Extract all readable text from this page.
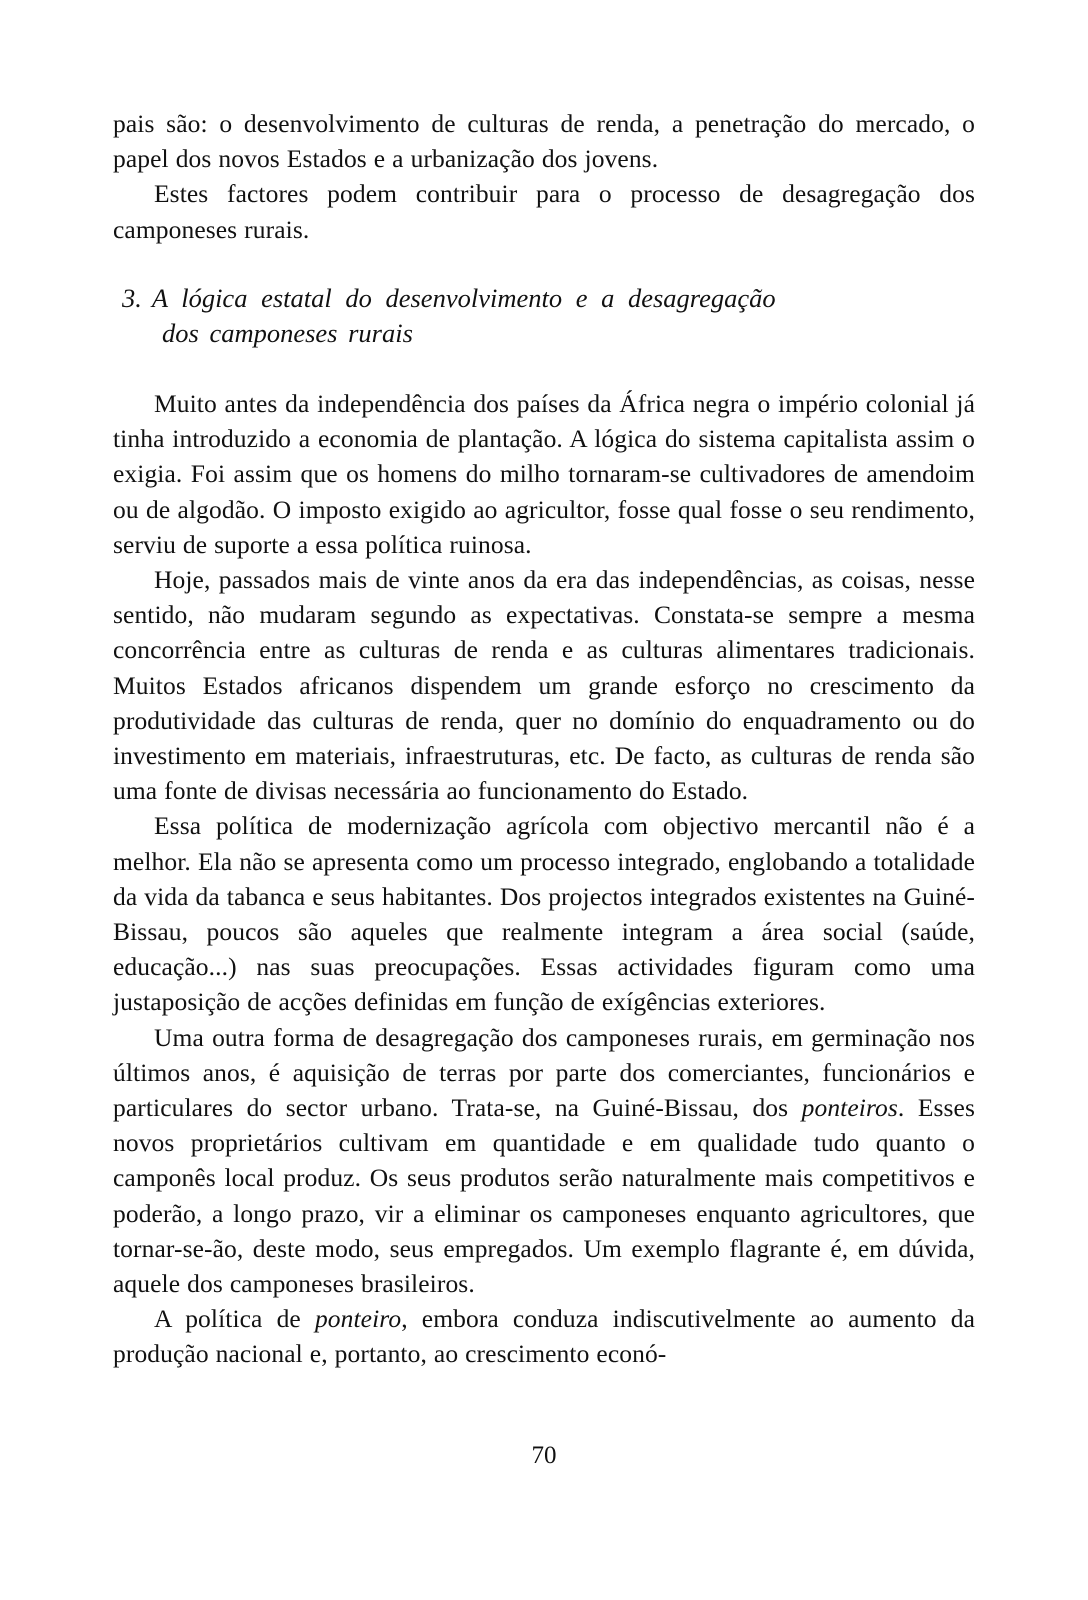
pais são: o desenvolvimento de culturas de renda, a penetração do mercado, o papel dos novos Estados e a urbanização dos jovens.

Estes factores podem contribuir para o processo de desagregação dos camponeses rurais.

3. A lógica estatal do desenvolvimento e a desagregação
dos camponeses rurais

Muito antes da independência dos países da África negra o império colonial já tinha introduzido a economia de plantação. A lógica do sistema capitalista assim o exigia. Foi assim que os homens do milho tornaram-se cultivadores de amendoim ou de algodão. O imposto exigido ao agricultor, fosse qual fosse o seu rendimento, serviu de suporte a essa política ruinosa.

Hoje, passados mais de vinte anos da era das independências, as coisas, nesse sentido, não mudaram segundo as expectativas. Constata-se sempre a mesma concorrência entre as culturas de renda e as culturas alimentares tradicionais. Muitos Estados africanos dispendem um grande esforço no crescimento da produtividade das culturas de renda, quer no domínio do enquadramento ou do investimento em materiais, infraestruturas, etc. De facto, as culturas de renda são uma fonte de divisas necessária ao funcionamento do Estado.

Essa política de modernização agrícola com objectivo mercantil não é a melhor. Ela não se apresenta como um processo integrado, englobando a totalidade da vida da tabanca e seus habitantes. Dos projectos integrados existentes na Guiné-Bissau, poucos são aqueles que realmente integram a área social (saúde, educação...) nas suas preocupações. Essas actividades figuram como uma justaposição de acções definidas em função de exígências exteriores.

Uma outra forma de desagregação dos camponeses rurais, em germinação nos últimos anos, é aquisição de terras por parte dos comerciantes, funcionários e particulares do sector urbano. Trata-se, na Guiné-Bissau, dos ponteiros. Esses novos proprietários cultivam em quantidade e em qualidade tudo quanto o camponês local produz. Os seus produtos serão naturalmente mais competitivos e poderão, a longo prazo, vir a eliminar os camponeses enquanto agricultores, que tornar-se-ão, deste modo, seus empregados. Um exemplo flagrante é, em dúvida, aquele dos camponeses brasileiros.

A política de ponteiro, embora conduza indiscutivelmente ao aumento da produção nacional e, portanto, ao crescimento econó-

70
